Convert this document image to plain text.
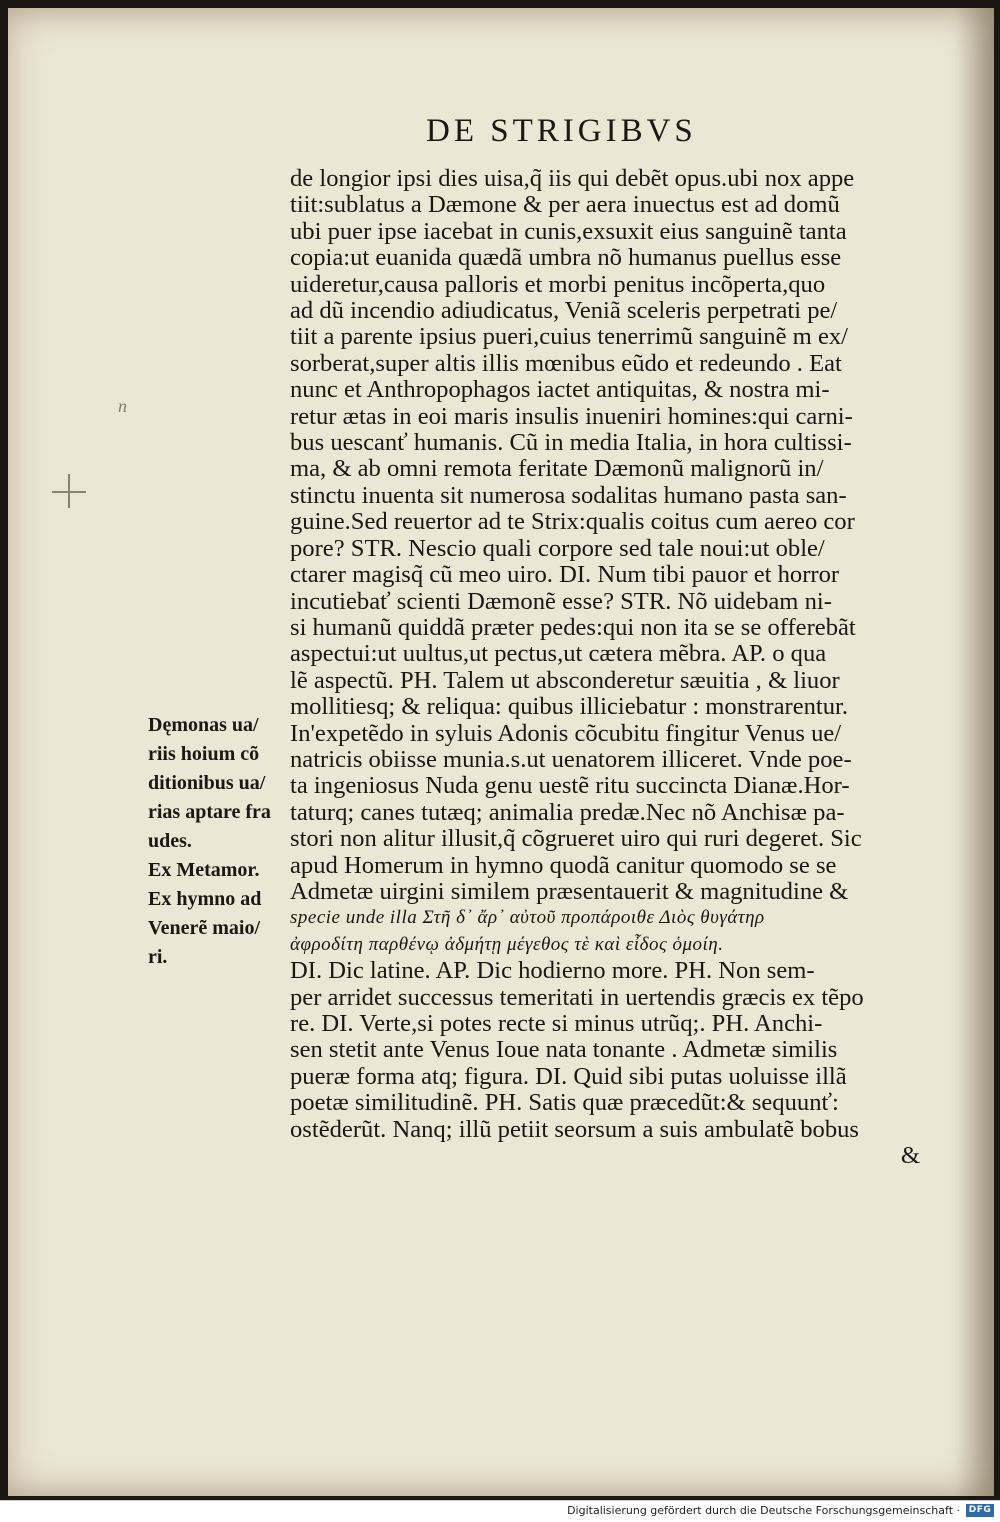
DE STRIGIBVS
n
de longior ipsi dies uisa,q̃ iis qui debẽt opus.ubi nox appe
tiit:sublatus a Dæmone & per aera inuectus est ad domũ
ubi puer ipse iacebat in cunis,exsuxit eius sanguinẽ tanta
copia:ut euanida quædã umbra nõ humanus puellus esse
uideretur,causa palloris et morbi penitus incõperta,quo
ad dũ incendio adiudicatus, Veniã sceleris perpetrati pe/
tiit a parente ipsius pueri,cuius tenerrimũ sanguinẽ m ex/
sorberat,super altis illis mœnibus eũdo et redeundo . Eat
nunc et Anthropophagos iactet antiquitas, & nostra mi-
retur ætas in eoi maris insulis inueniri homines:qui carni-
bus uescanť humanis. Cũ in media Italia, in hora cultissi-
ma, & ab omni remota feritate Dæmonũ malignorũ in/
stinctu inuenta sit numerosa sodalitas humano pasta san-
guine.Sed reuertor ad te Strix:qualis coitus cum aereo cor
pore? STR. Nescio quali corpore sed tale noui:ut oble/
ctarer magisq̃ cũ meo uiro. DI. Num tibi pauor et horror
incutiebať scienti Dæmonẽ esse? STR. Nõ uidebam ni-
si humanũ quiddã præter pedes:qui non ita se se offerebãt
aspectui:ut uultus,ut pectus,ut cætera mẽbra. AP. o qua
lẽ aspectũ. PH. Talem ut absconderetur sæuitia , & liuor
mollitiesq; & reliqua: quibus illiciebatur : monstrarentur.
In'expetẽdo in syluis Adonis cõcubitu fingitur Venus ue/
natricis obiisse munia.s.ut uenatorem illiceret. Vnde poe-
ta ingeniosus Nuda genu uestẽ ritu succincta Dianæ.Hor-
taturq; canes tutæq; animalia predæ.Nec nõ Anchisæ pa-
stori non alitur illusit,q̃ cõgrueret uiro qui ruri degeret. Sic
apud Homerum in hymno quodã canitur quomodo se se
Admetæ uirgini similem præsentauerit & magnitudine &
specie unde illa Στῆ δ᾽ ἄρ᾽ αὐτοῦ προπάροιθε Διὸς θυγάτηρ
ἀφροδίτη παρθένῳ ἀδμήτῃ μέγεθος τὲ καὶ εἶδος ὁμοίη.
DI. Dic latine. AP. Dic hodierno more. PH. Non sem-
per arridet successus temeritati in uertendis græcis ex tẽpo
re. DI. Verte,si potes recte si minus utrũq;. PH. Anchi-
sen stetit ante Venus Ioue nata tonante . Admetæ similis
pueræ forma atq; figura. DI. Quid sibi putas uoluisse illã
poetæ similitudinẽ. PH. Satis quæ præcedũt:& sequunť:
ostẽderũt. Nanq; illũ petiit seorsum a suis ambulatẽ bobus
&
Dęmonas ua/
riis hoium cõ
ditionibus ua/
rias aptare fra
udes.
Ex Metamor.
Ex hymno ad
Venerẽ maio/
ri.
Digitalisierung gefördert durch die Deutsche Forschungsgemeinschaft · DFG
